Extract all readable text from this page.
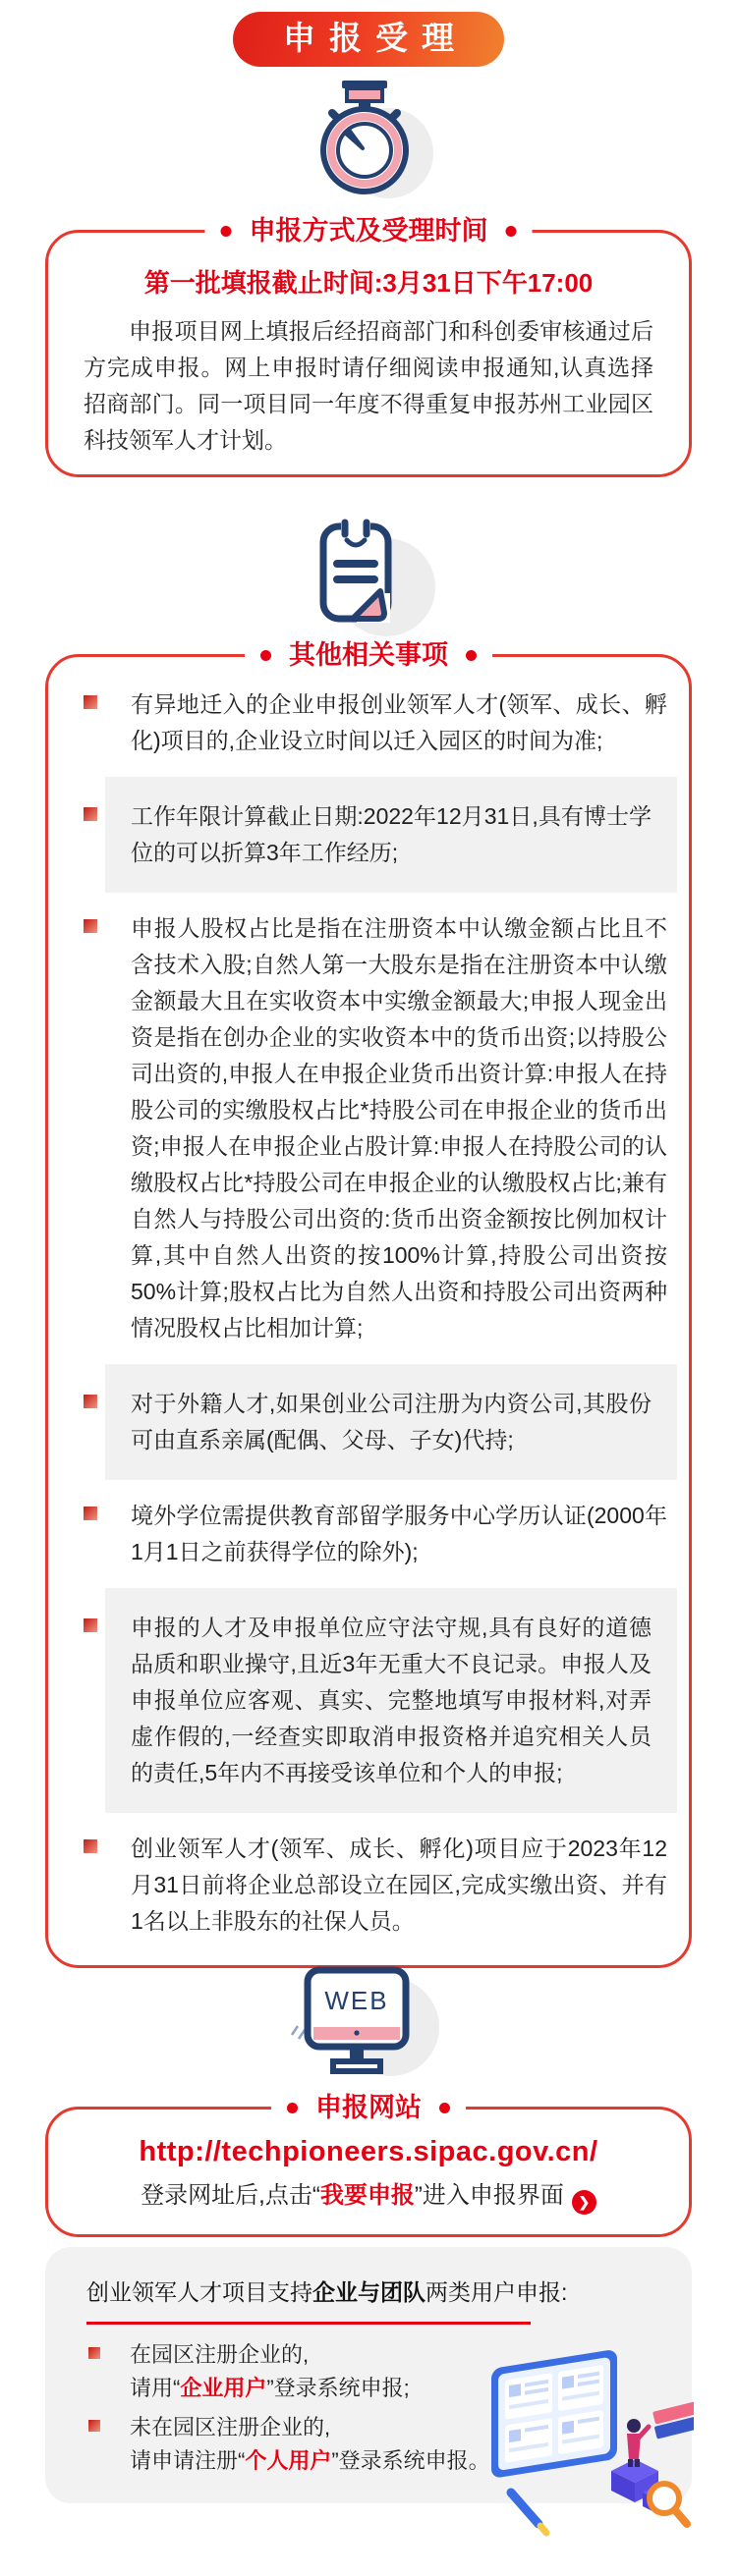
申报受理
申报方式及受理时间
第一批填报截止时间:3月31日下午17:00

申报项目网上填报后经招商部门和科创委审核通过后方完成申报。网上申报时请仔细阅读申报通知,认真选择招商部门。同一项目同一年度不得重复申报苏州工业园区科技领军人才计划。

其他相关事项
有异地迁入的企业申报创业领军人才(领军、成长、孵化)项目的,企业设立时间以迁入园区的时间为准;
工作年限计算截止日期:2022年12月31日,具有博士学位的可以折算3年工作经历;
申报人股权占比是指在注册资本中认缴金额占比且不含技术入股;自然人第一大股东是指在注册资本中认缴金额最大且在实收资本中实缴金额最大;申报人现金出资是指在创办企业的实收资本中的货币出资;以持股公司出资的,申报人在申报企业货币出资计算:申报人在持股公司的实缴股权占比*持股公司在申报企业的货币出资;申报人在申报企业占股计算:申报人在持股公司的认缴股权占比*持股公司在申报企业的认缴股权占比;兼有自然人与持股公司出资的:货币出资金额按比例加权计算,其中自然人出资的按100%计算,持股公司出资按50%计算;股权占比为自然人出资和持股公司出资两种情况股权占比相加计算;
对于外籍人才,如果创业公司注册为内资公司,其股份可由直系亲属(配偶、父母、子女)代持;
境外学位需提供教育部留学服务中心学历认证(2000年1月1日之前获得学位的除外);
申报的人才及申报单位应守法守规,具有良好的道德品质和职业操守,且近3年无重大不良记录。申报人及申报单位应客观、真实、完整地填写申报材料,对弄虚作假的,一经查实即取消申报资格并追究相关人员的责任,5年内不再接受该单位和个人的申报;
创业领军人才(领军、成长、孵化)项目应于2023年12月31日前将企业总部设立在园区,完成实缴出资、并有1名以上非股东的社保人员。
WEB
申报网站
http://techpioneers.sipac.gov.cn/
登录网址后,点击“我要申报”进入申报界面 ❯
创业领军人才项目支持企业与团队两类用户申报:
在园区注册企业的,
请用“企业用户”登录系统申报;
未在园区注册企业的,
请申请注册“个人用户”登录系统申报。
